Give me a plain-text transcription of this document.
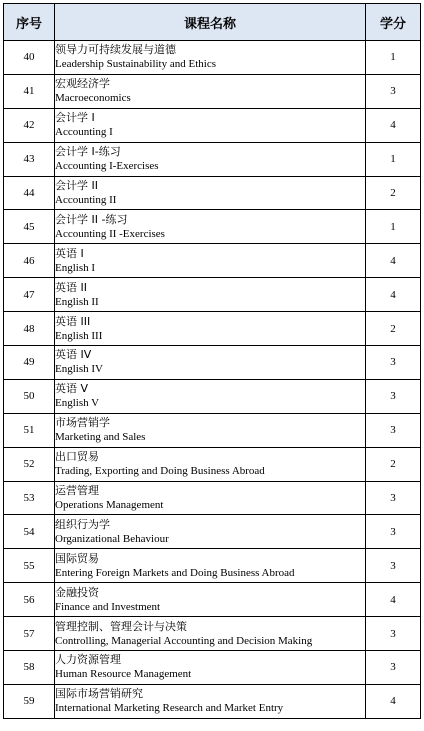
序号	课程名称	学分
40	领导力可持续发展与道德
Leadership Sustainability and Ethics	1
41	宏观经济学
Macroeconomics	3
42	会计学 I
Accounting I	4
43	会计学 I-练习
Accounting I-Exercises	1
44	会计学 II
Accounting II	2
45	会计学 II -练习
Accounting II -Exercises	1
46	英语 I
English I	4
47	英语 II
English II	4
48	英语 III
English III	2
49	英语 IV
English IV	3
50	英语 V
English V	3
51	市场营销学
Marketing and Sales	3
52	出口贸易
Trading, Exporting and Doing Business Abroad	2
53	运营管理
Operations Management	3
54	组织行为学
Organizational Behaviour	3
55	国际贸易
Entering Foreign Markets and Doing Business Abroad	3
56	金融投资
Finance and Investment	4
57	管理控制、管理会计与决策
Controlling, Managerial Accounting and Decision Making	3
58	人力资源管理
Human Resource Management	3
59	国际市场营销研究
International Marketing Research and Market Entry	4
